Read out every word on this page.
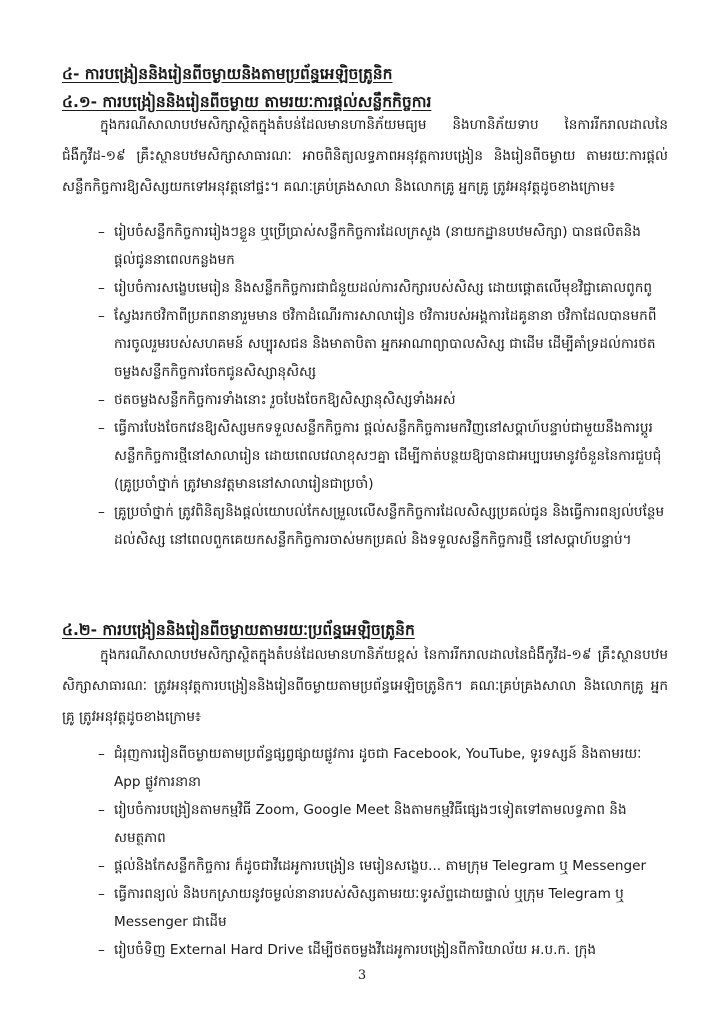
៤- ការបង្រៀននិងរៀនពីចម្ងាយនិងតាមប្រព័ន្ធអេឡិចត្រូនិក
៤.១- ការបង្រៀននិងរៀនពីចម្ងាយ តាមរយៈការផ្តល់សន្លឹកកិច្ចការ
ក្នុងករណីសាលាបឋមសិក្សាស្ថិតក្នុងតំបន់ដែលមានហានិភ័យមធ្យម និងហានិភ័យទាប នៃការរីករាលដាលនៃជំងឺកូវីដ-១៩ គ្រឹះស្ថានបឋមសិក្សាសាធារណៈ អាចពិនិត្យលទ្ធភាពអនុវត្តការបង្រៀន និងរៀនពីចម្ងាយ តាមរយៈការផ្តល់សន្លឹកកិច្ចការឱ្យសិស្សយកទៅអនុវត្តនៅផ្ទះ។ គណៈគ្រប់គ្រងសាលា និងលោកគ្រូ អ្នកគ្រូ ត្រូវអនុវត្តដូចខាងក្រោម៖
– រៀបចំសន្លឹកកិច្ចការរៀងៗខ្លួន ឬប្រើប្រាស់សន្លឹកកិច្ចការដែលក្រសួង (នាយកដ្ឋានបឋមសិក្សា) បានផលិតនិងផ្តល់ជូននាពេលកន្លងមក
– រៀបចំការសង្ខេបមេរៀន និងសន្លឹកកិច្ចការជាជំនួយដល់ការសិក្សារបស់សិស្ស ដោយផ្តោតលើមុខវិជ្ជាគោលពូកពូ
– ស្វែងរកថវិកាពីប្រភពនានារួមមាន ថវិកាដំណើរការសាលារៀន ថវិការបស់អង្គការដៃគូនានា ថវិកាដែលបានមកពីការចូលរួមរបស់សហគមន៍ សប្បុរសជន និងមាតាបិតា អ្នកអាណាព្យាបាលសិស្ស ជាដើម ដើម្បីគាំទ្រដល់ការថតចម្លងសន្លឹកកិច្ចការចែកជូនសិស្សានុសិស្ស
– ថតចម្លងសន្លឹកកិច្ចការទាំងនោះ រួចបែងចែកឱ្យសិស្សានុសិស្សទាំងអស់
– ធ្វើការបែងចែកវេនឱ្យសិស្សមកទទួលសន្លឹកកិច្ចការ ផ្តល់សន្លឹកកិច្ចការមកវិញនៅសប្តាហ៍បន្ទាប់ជាមួយនឹងការប្តូរសន្លឹកកិច្ចការថ្មីនៅសាលារៀន ដោយពេលវេលាខុសៗគ្នា ដើម្បីកាត់បន្ថយឱ្យបានជាអប្បបរមានូវចំនួននៃការជួបជុំ (គ្រូប្រចាំថ្នាក់ ត្រូវមានវត្តមាននៅសាលារៀនជាប្រចាំ)
– គ្រូប្រចាំថ្នាក់ ត្រូវពិនិត្យនិងផ្តល់យោបល់កែសម្រួលលើសន្លឹកកិច្ចការដែលសិស្សប្រគល់ជូន និងធ្វើការពន្យល់បន្ថែមដល់សិស្ស នៅពេលពួកគេយកសន្លឹកកិច្ចការចាស់មកប្រគល់ និងទទួលសន្លឹកកិច្ចការថ្មី នៅសប្តាហ៍បន្ទាប់។
៤.២- ការបង្រៀននិងរៀនពីចម្ងាយតាមរយៈប្រព័ន្ធអេឡិចត្រូនិក
ក្នុងករណីសាលាបឋមសិក្សាស្ថិតក្នុងតំបន់ដែលមានហានិភ័យខ្ពស់ នៃការរីករាលដាលនៃជំងឺកូវីដ-១៩ គ្រឹះស្ថានបឋមសិក្សាសាធារណៈ ត្រូវអនុវត្តការបង្រៀននិងរៀនពីចម្ងាយតាមប្រព័ន្ធអេឡិចត្រូនិក។ គណៈគ្រប់គ្រងសាលា និងលោកគ្រូ អ្នកគ្រូ ត្រូវអនុវត្តដូចខាងក្រោម៖
– ជំរុញការរៀនពីចម្ងាយតាមប្រព័ន្ធផ្សព្វផ្សាយផ្លូវការ ដូចជា Facebook, YouTube, ទូរទស្សន៍ និងតាមរយៈ App ផ្លូវការនានា
– រៀបចំការបង្រៀនតាមកម្មវិធី Zoom, Google Meet និងតាមកម្មវិធីផ្សេងៗទៀតទៅតាមលទ្ធភាព និងសមត្ថភាព
– ផ្តល់និងកែសន្លឹកកិច្ចការ ក៏ដូចជាវីដេអូការបង្រៀន មេរៀនសង្ខេប... តាមក្រុម Telegram ឬ Messenger
– ធ្វើការពន្យល់ និងបកស្រាយនូវចម្ងល់នានារបស់សិស្សតាមរយៈទូរស័ព្ទដោយផ្ទាល់ ឬក្រុម Telegram ឬ Messenger ជាដើម
– រៀបចំទិញ External Hard Drive ដើម្បីថតចម្លងវីដេអូការបង្រៀនពីការិយាល័យ អ.ប.ក. ក្រុង
3
